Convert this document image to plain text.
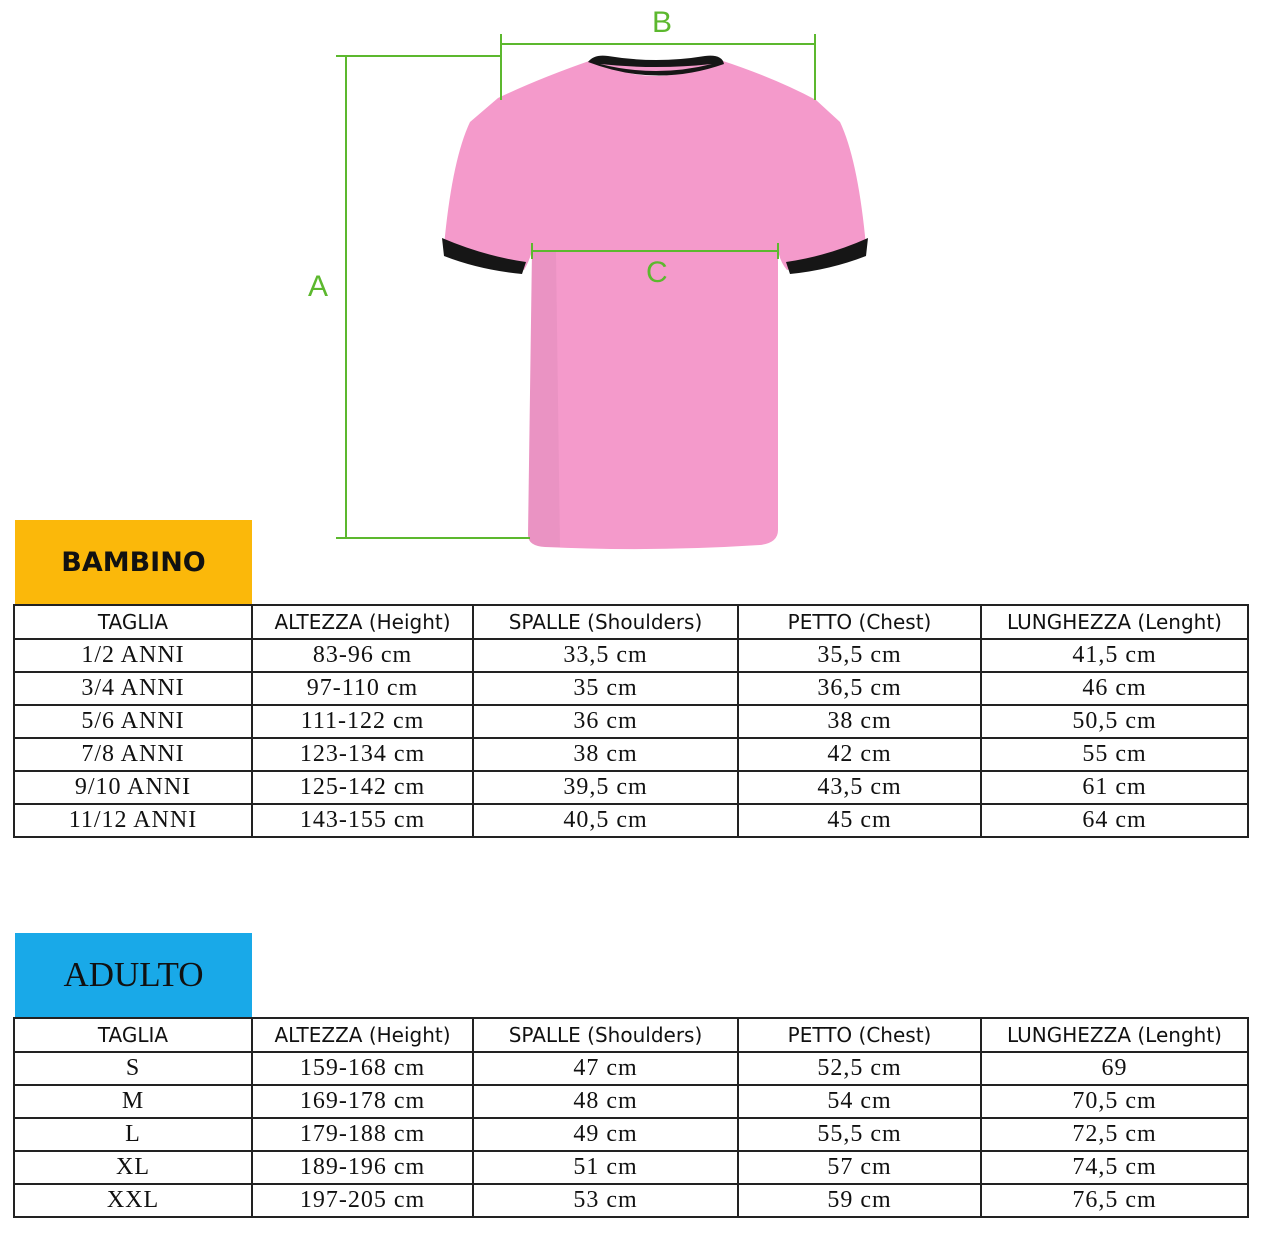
A
B
C
BAMBINO
TAGLIA	ALTEZZA (Height)	SPALLE (Shoulders)	PETTO (Chest)	LUNGHEZZA (Lenght)
1/2 ANNI	83-96 cm	33,5 cm	35,5 cm	41,5 cm
3/4 ANNI	97-110 cm	35 cm	36,5 cm	46 cm
5/6 ANNI	111-122 cm	36 cm	38 cm	50,5 cm
7/8 ANNI	123-134 cm	38 cm	42 cm	55 cm
9/10 ANNI	125-142 cm	39,5 cm	43,5 cm	61 cm
11/12 ANNI	143-155 cm	40,5 cm	45 cm	64 cm
ADULTO
TAGLIA	ALTEZZA (Height)	SPALLE (Shoulders)	PETTO (Chest)	LUNGHEZZA (Lenght)
S	159-168 cm	47 cm	52,5 cm	69
M	169-178 cm	48 cm	54 cm	70,5 cm
L	179-188 cm	49 cm	55,5 cm	72,5 cm
XL	189-196 cm	51 cm	57 cm	74,5 cm
XXL	197-205 cm	53 cm	59 cm	76,5 cm
